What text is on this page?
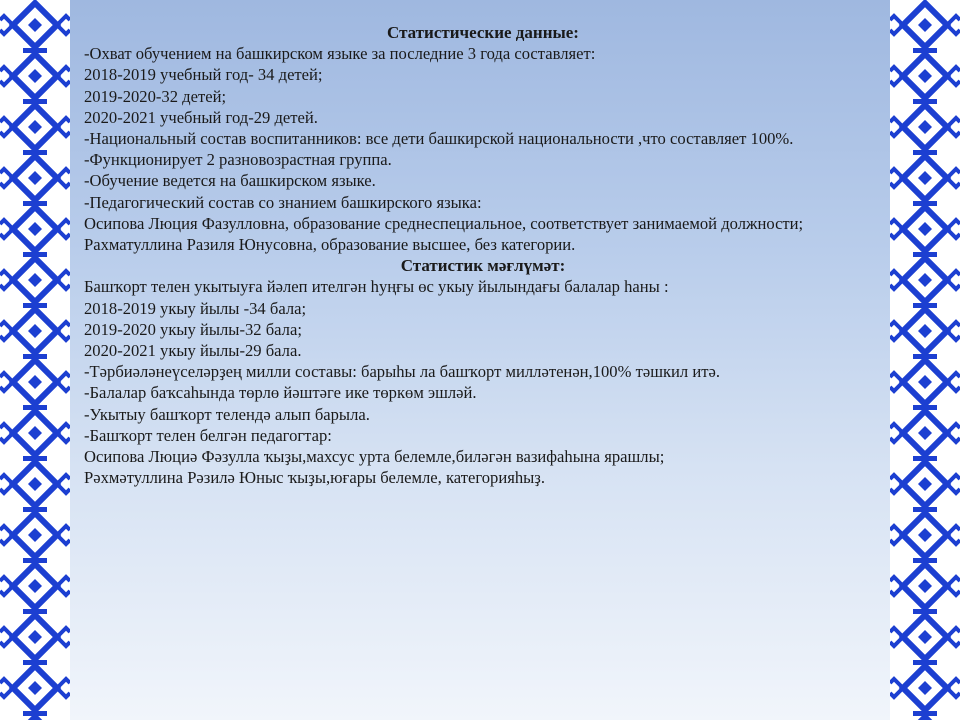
Статистические данные:

-Охват обучением на башкирском языке за последние 3 года составляет:

2018-2019 учебный год- 34 детей;

2019-2020-32 детей;

2020-2021 учебный год-29 детей.

-Национальный состав воспитанников: все дети башкирской национальности ,что составляет 100%.

-Функционирует 2 разновозрастная группа.

-Обучение ведется на башкирском языке.

-Педагогический состав со знанием башкирского языка:

Осипова Люция Фазулловна, образование среднеспециальное, соответствует занимаемой должности;

Рахматуллина Разиля Юнусовна, образование высшее, без категории.

Статистик мәғлүмәт:

Башҡорт телен укытыуға йәлеп ителгән һуңғы өс укыу йылындағы балалар һаны :

2018-2019 укыу йылы -34 бала;

2019-2020 укыу йылы-32 бала;

2020-2021 укыу йылы-29 бала.

-Тәрбиәләнеүселәрҙең милли составы: барыһы ла башҡорт милләтенән,100% тәшкил итә.

-Балалар баҡсаһында төрлө йәштәге ике төркөм эшләй.

-Укытыу башҡорт телендә алып барыла.

-Башҡорт телен белгән педагогтар:

Осипова Люциә Фәзулла ҡыҙы,махсус урта белемле,биләгән вазифаһына ярашлы;

Рәхмәтуллина Рәзилә Юныс ҡыҙы,юғары белемле, категорияһыҙ.
